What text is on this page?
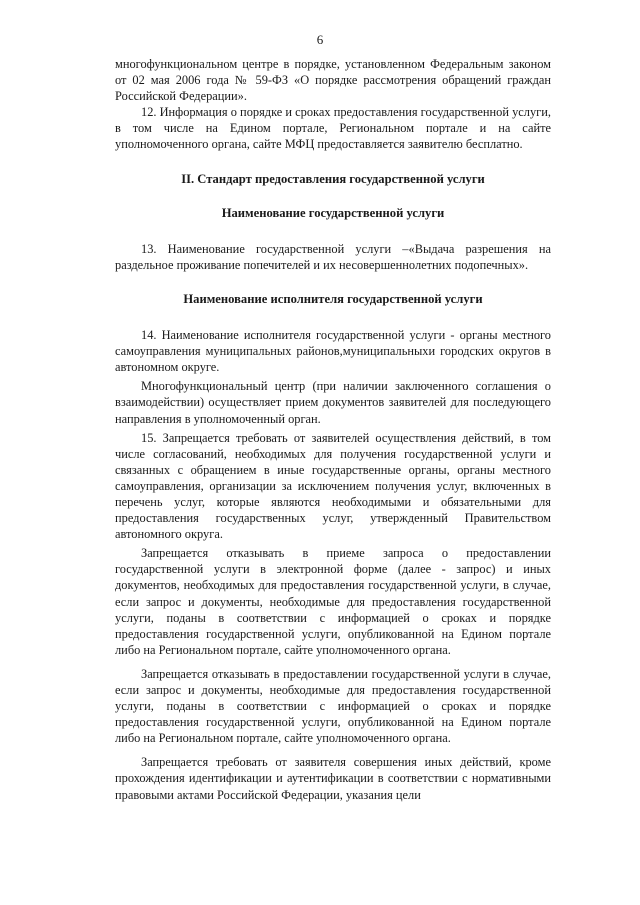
6

многофункциональном центре в порядке, установленном Федеральным законом от 02 мая 2006 года № 59-ФЗ «О порядке рассмотрения обращений граждан Российской Федерации».

12. Информация о порядке и сроках предоставления государственной услуги, в том числе на Едином портале, Региональном портале и на сайте уполномоченного органа, сайте МФЦ предоставляется заявителю бесплатно.

II. Стандарт предоставления государственной услуги

Наименование государственной услуги

13. Наименование государственной услуги –«Выдача разрешения на раздельное проживание попечителей и их несовершеннолетних подопечных».

Наименование исполнителя государственной услуги

14. Наименование исполнителя государственной услуги - органы местного самоуправления муниципальных районов,муниципальныхи городских округов в автономном округе.

Многофункциональный центр (при наличии заключенного соглашения о взаимодействии) осуществляет прием документов заявителей для последующего направления в уполномоченный орган.

15. Запрещается требовать от заявителей осуществления действий, в том числе согласований, необходимых для получения государственной услуги и связанных с обращением в иные государственные органы, органы местного самоуправления, организации за исключением получения услуг, включенных в перечень услуг, которые являются необходимыми и обязательными для предоставления государственных услуг, утвержденный Правительством автономного округа.

Запрещается отказывать в приеме запроса о предоставлении государственной услуги в электронной форме (далее - запрос) и иных документов, необходимых для предоставления государственной услуги, в случае, если запрос и документы, необходимые для предоставления государственной услуги, поданы в соответствии с информацией о сроках и порядке предоставления государственной услуги, опубликованной на Едином портале либо на Региональном портале, сайте уполномоченного органа.

Запрещается отказывать в предоставлении государственной услуги в случае, если запрос и документы, необходимые для предоставления государственной услуги, поданы в соответствии с информацией о сроках и порядке предоставления государственной услуги, опубликованной на Едином портале либо на Региональном портале, сайте уполномоченного органа.

Запрещается требовать от заявителя совершения иных действий, кроме прохождения идентификации и аутентификации в соответствии с нормативными правовыми актами Российской Федерации, указания цели
